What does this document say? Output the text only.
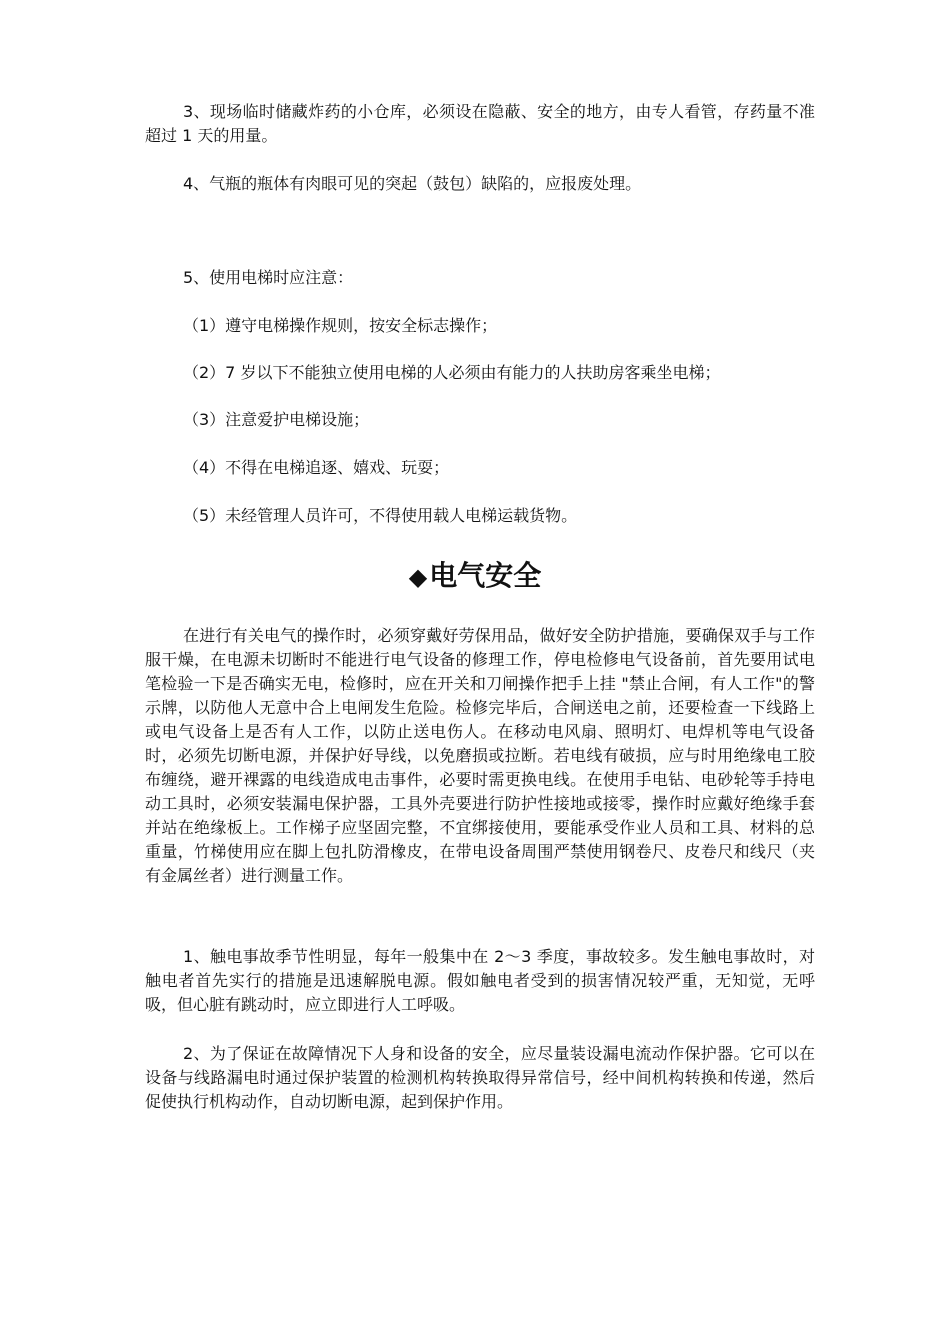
3、现场临时储藏炸药的小仓库，必须设在隐蔽、安全的地方，由专人看管，存药量不准超过 1 天的用量。

4、气瓶的瓶体有肉眼可见的突起（鼓包）缺陷的，应报废处理。

5、使用电梯时应注意：

（1）遵守电梯操作规则，按安全标志操作；

（2）7 岁以下不能独立使用电梯的人必须由有能力的人扶助房客乘坐电梯；

（3）注意爱护电梯设施；

（4）不得在电梯追逐、嬉戏、玩耍；

（5）未经管理人员许可，不得使用载人电梯运载货物。

◆电气安全

在进行有关电气的操作时，必须穿戴好劳保用品，做好安全防护措施，要确保双手与工作服干燥，在电源未切断时不能进行电气设备的修理工作，停电检修电气设备前，首先要用试电笔检验一下是否确实无电，检修时，应在开关和刀闸操作把手上挂 "禁止合闸，有人工作"的警示牌，以防他人无意中合上电闸发生危险。检修完毕后，合闸送电之前，还要检查一下线路上或电气设备上是否有人工作，以防止送电伤人。在移动电风扇、照明灯、电焊机等电气设备时，必须先切断电源，并保护好导线，以免磨损或拉断。若电线有破损，应与时用绝缘电工胶布缠绕，避开裸露的电线造成电击事件，必要时需更换电线。在使用手电钻、电砂轮等手持电动工具时，必须安装漏电保护器，工具外壳要进行防护性接地或接零，操作时应戴好绝缘手套并站在绝缘板上。工作梯子应坚固完整，不宜绑接使用，要能承受作业人员和工具、材料的总重量，竹梯使用应在脚上包扎防滑橡皮，在带电设备周围严禁使用钢卷尺、皮卷尺和线尺（夹有金属丝者）进行测量工作。

1、触电事故季节性明显，每年一般集中在 2～3 季度，事故较多。发生触电事故时，对触电者首先实行的措施是迅速解脱电源。假如触电者受到的损害情况较严重，无知觉，无呼吸，但心脏有跳动时，应立即进行人工呼吸。

2、为了保证在故障情况下人身和设备的安全，应尽量装设漏电流动作保护器。它可以在设备与线路漏电时通过保护装置的检测机构转换取得异常信号，经中间机构转换和传递，然后促使执行机构动作，自动切断电源，起到保护作用。
